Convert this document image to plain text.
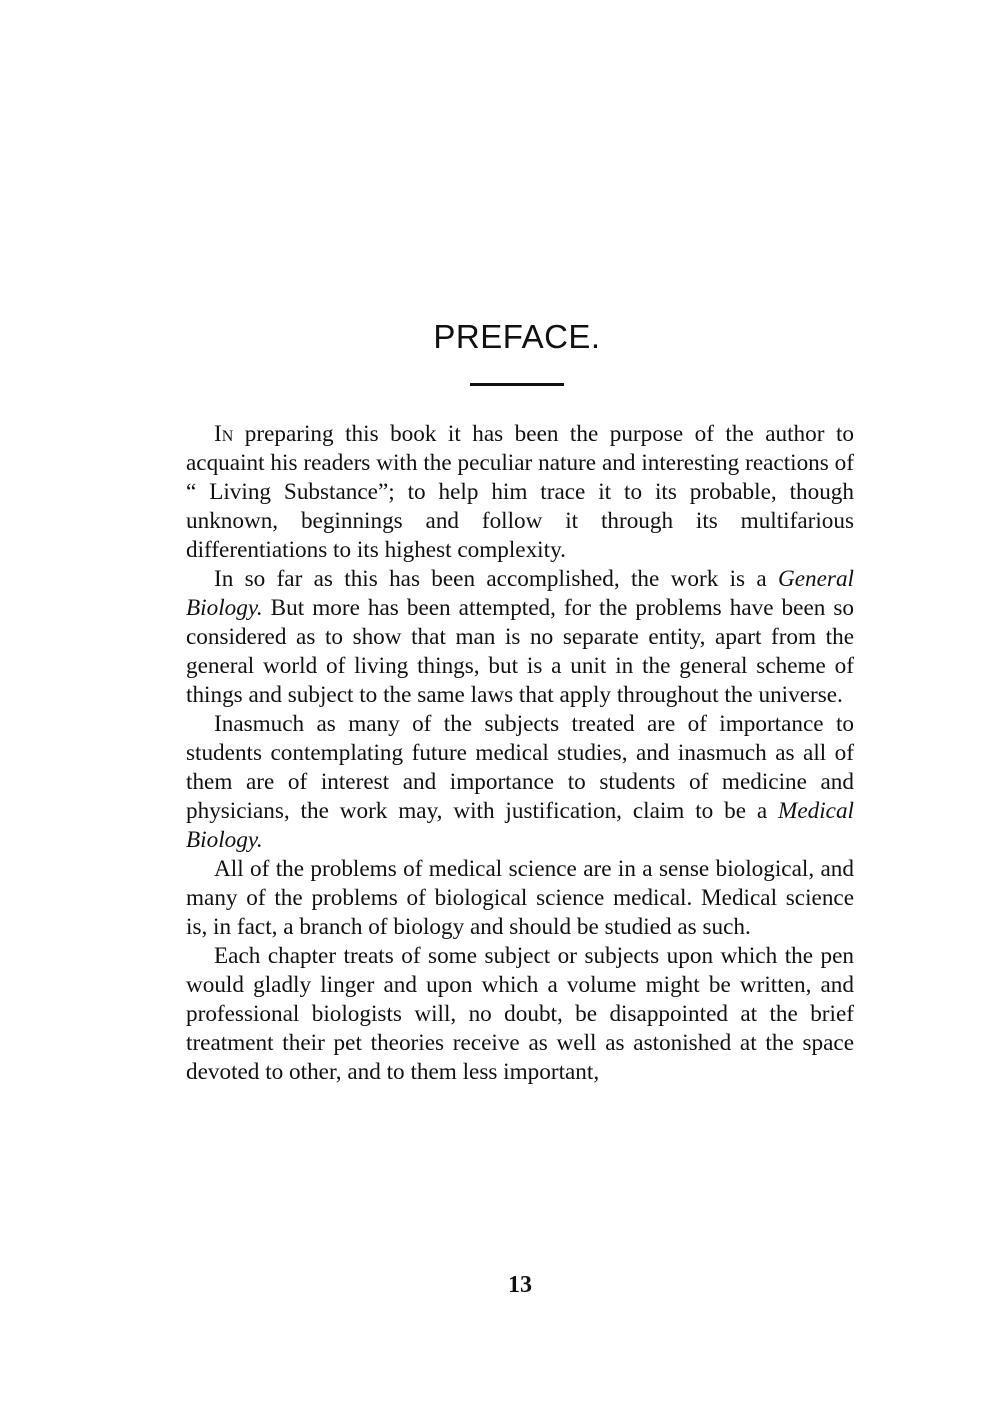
PREFACE.

In preparing this book it has been the purpose of the author to acquaint his readers with the peculiar nature and interesting reactions of “ Living Substance”; to help him trace it to its probable, though unknown, beginnings and follow it through its multifarious differentiations to its highest complexity.

In so far as this has been accomplished, the work is a General Biology. But more has been attempted, for the problems have been so considered as to show that man is no separate entity, apart from the general world of living things, but is a unit in the general scheme of things and subject to the same laws that apply throughout the universe.

Inasmuch as many of the subjects treated are of importance to students contemplating future medical studies, and inasmuch as all of them are of interest and importance to students of medicine and physicians, the work may, with justification, claim to be a Medical Biology.

All of the problems of medical science are in a sense biological, and many of the problems of biological science medical. Medical science is, in fact, a branch of biology and should be studied as such.

Each chapter treats of some subject or subjects upon which the pen would gladly linger and upon which a volume might be written, and professional biologists will, no doubt, be disappointed at the brief treatment their pet theories receive as well as astonished at the space devoted to other, and to them less important,

13
